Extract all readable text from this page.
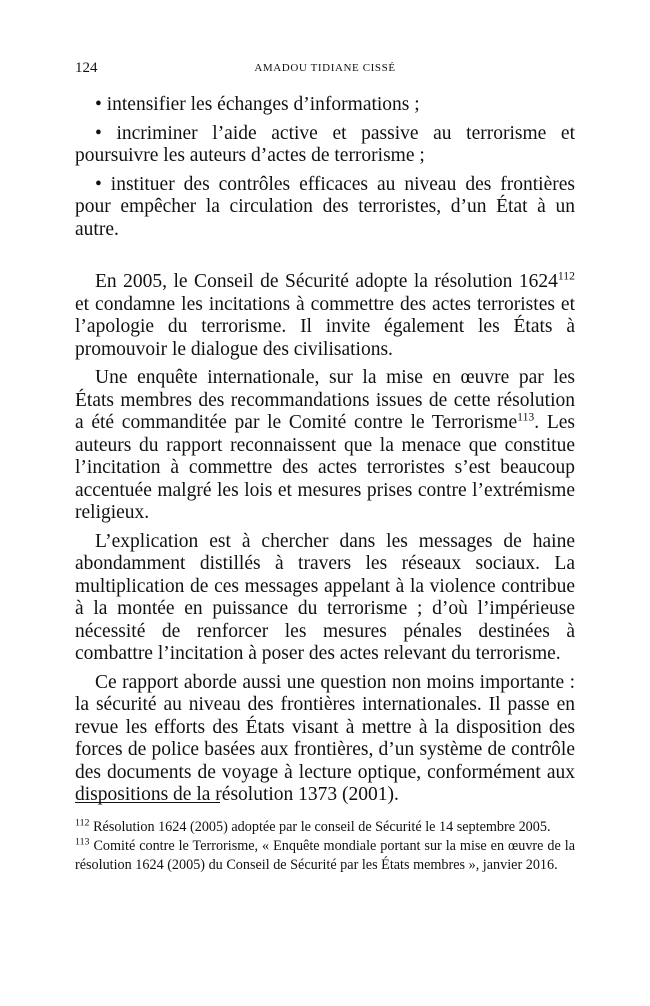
124	AMADOU TIDIANE CISSÉ

• intensifier les échanges d’informations ;

• incriminer l’aide active et passive au terrorisme et poursuivre les auteurs d’actes de terrorisme ;

• instituer des contrôles efficaces au niveau des frontières pour empêcher la circulation des terroristes, d’un État à un autre.

En 2005, le Conseil de Sécurité adopte la résolution 1624$^{112}$ et condamne les incitations à commettre des actes terroristes et l’apologie du terrorisme. Il invite également les États à promouvoir le dialogue des civilisations.

Une enquête internationale, sur la mise en œuvre par les États membres des recommandations issues de cette résolution a été commanditée par le Comité contre le Terrorisme$^{113}$. Les auteurs du rapport reconnaissent que la menace que constitue l’incitation à commettre des actes terroristes s’est beaucoup accentuée malgré les lois et mesures prises contre l’extrémisme religieux.

L’explication est à chercher dans les messages de haine abondamment distillés à travers les réseaux sociaux. La multiplication de ces messages appelant à la violence contribue à la montée en puissance du terrorisme ; d’où l’impérieuse nécessité de renforcer les mesures pénales destinées à combattre l’incitation à poser des actes relevant du terrorisme.

Ce rapport aborde aussi une question non moins importante : la sécurité au niveau des frontières internationales. Il passe en revue les efforts des États visant à mettre à la disposition des forces de police basées aux frontières, d’un système de contrôle des documents de voyage à lecture optique, conformément aux dispositions de la résolution 1373 (2001).

$^{112}$ Résolution 1624 (2005) adoptée par le conseil de Sécurité le 14 septembre 2005.

$^{113}$ Comité contre le Terrorisme, « Enquête mondiale portant sur la mise en œuvre de la résolution 1624 (2005) du Conseil de Sécurité par les États membres », janvier 2016.
